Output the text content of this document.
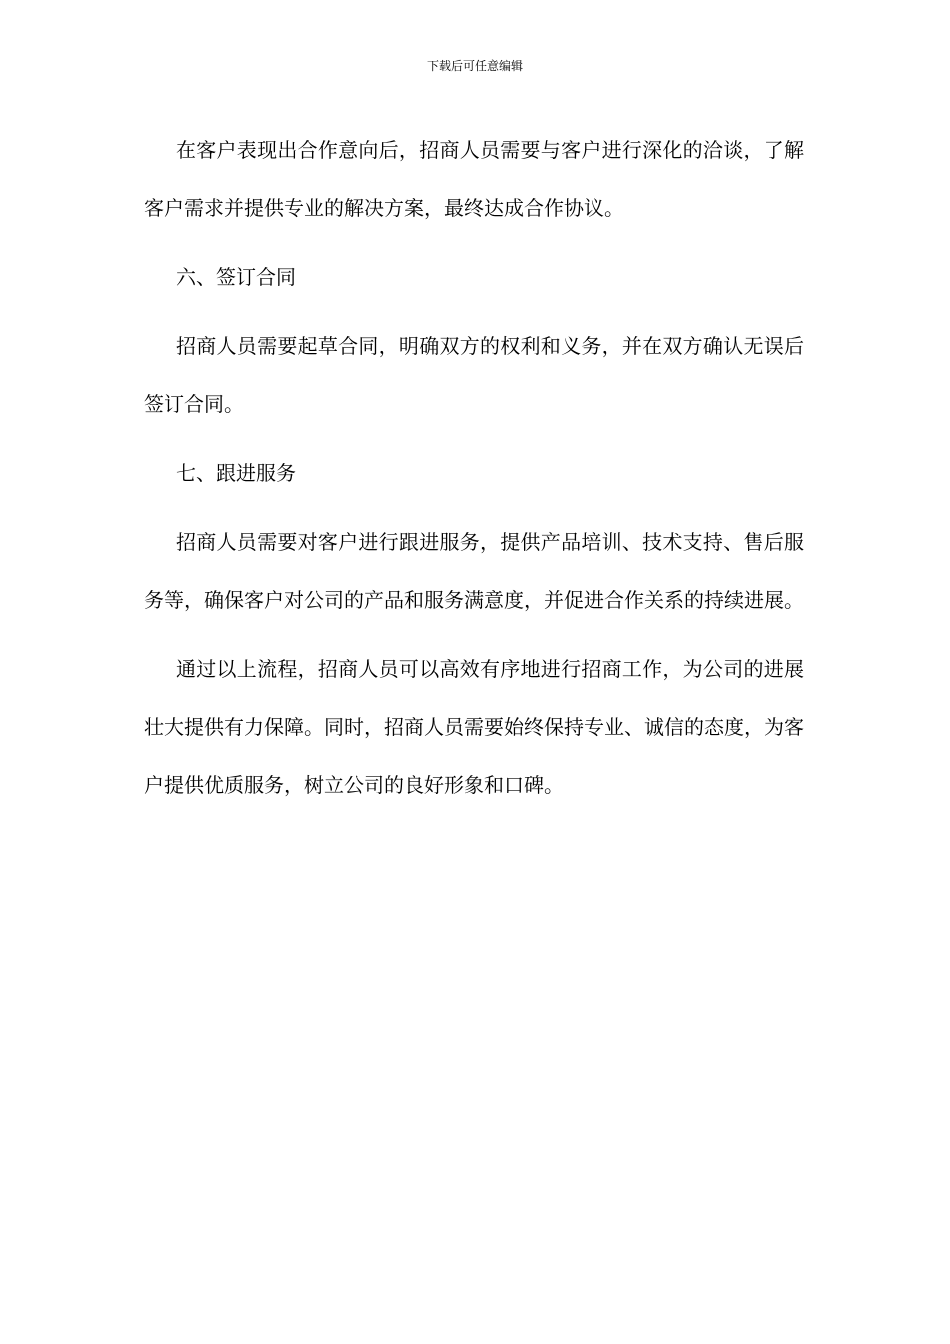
下载后可任意编辑

在客户表现出合作意向后，招商人员需要与客户进行深化的洽谈，了解客户需求并提供专业的解决方案，最终达成合作协议。

六、签订合同

招商人员需要起草合同，明确双方的权利和义务，并在双方确认无误后签订合同。

七、跟进服务

招商人员需要对客户进行跟进服务，提供产品培训、技术支持、售后服务等，确保客户对公司的产品和服务满意度，并促进合作关系的持续进展。

通过以上流程，招商人员可以高效有序地进行招商工作，为公司的进展壮大提供有力保障。同时，招商人员需要始终保持专业、诚信的态度，为客户提供优质服务，树立公司的良好形象和口碑。
